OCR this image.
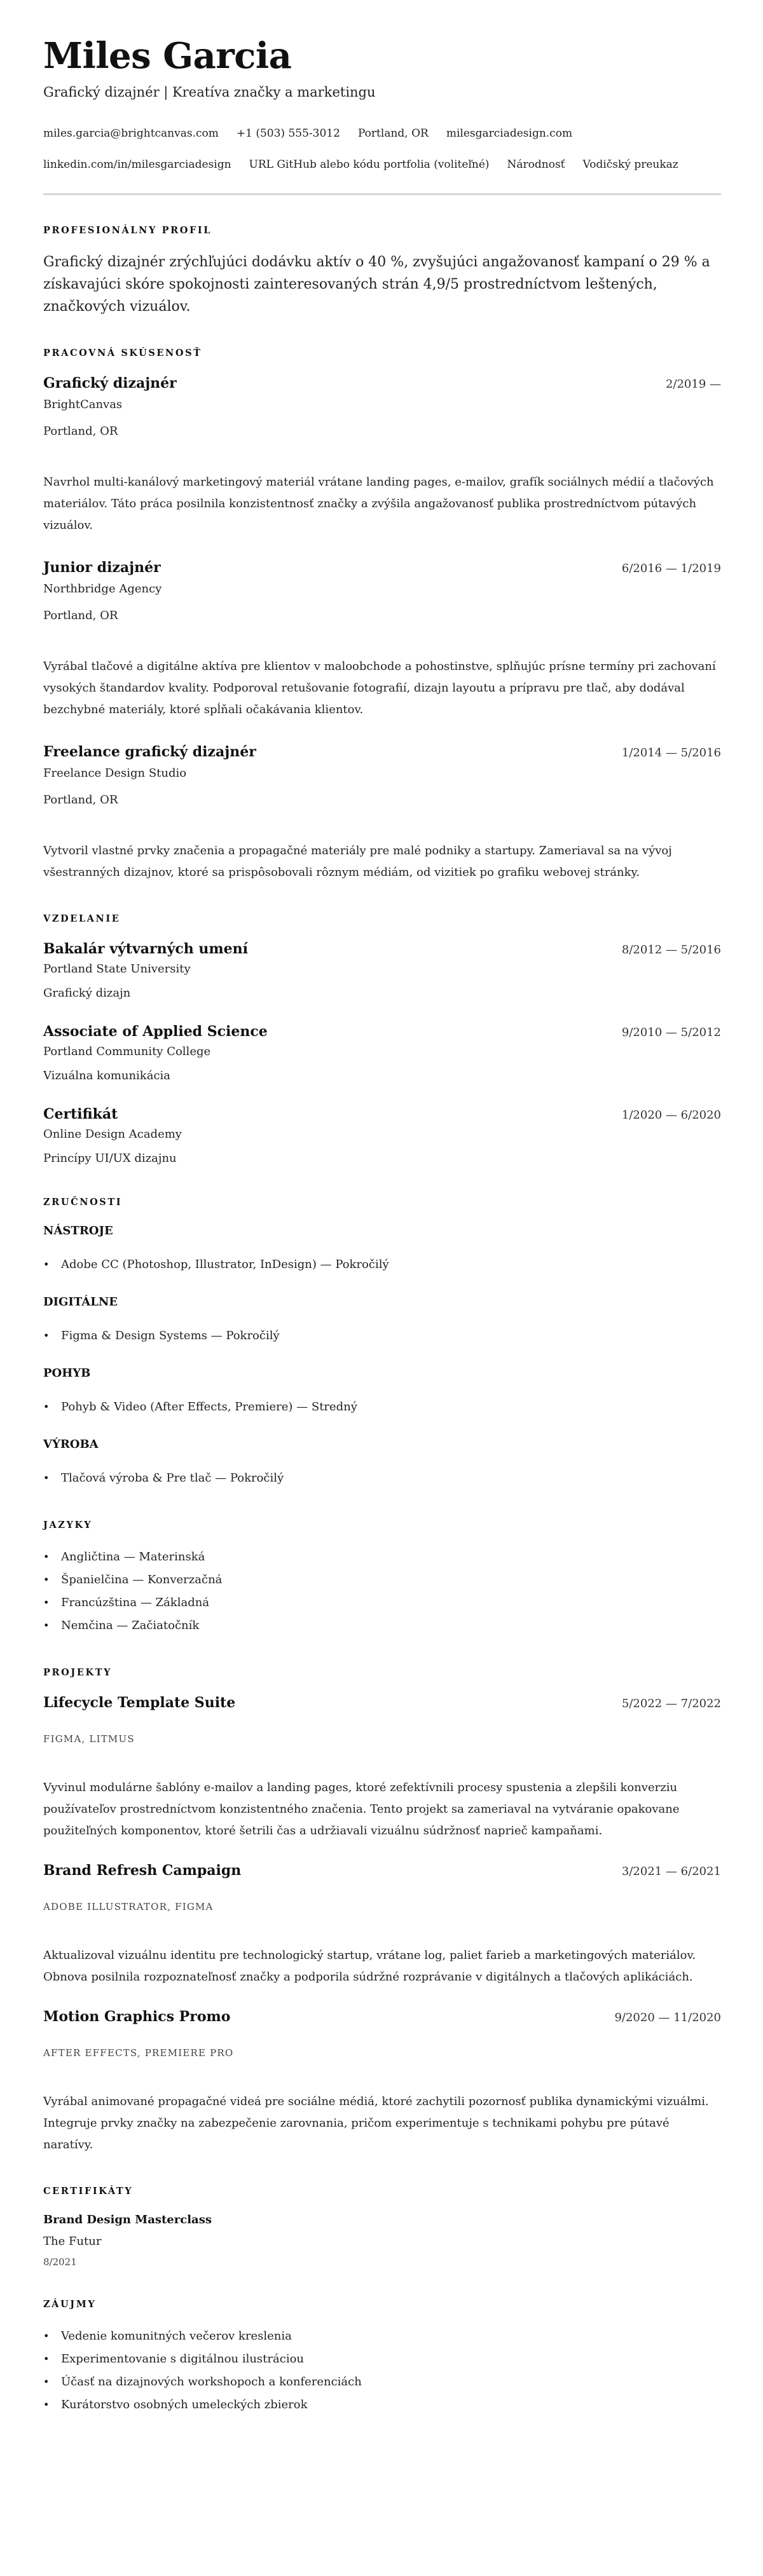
Miles Garcia
Grafický dizajnér | Kreatíva značky a marketingu
miles.garcia@brightcanvas.com +1 (503) 555-3012 Portland, OR milesgarciadesign.com
linkedin.com/in/milesgarciadesign URL GitHub alebo kódu portfolia (voliteľné) Národnosť Vodičský preukaz
PROFESIONÁLNY PROFIL

Grafický dizajnér zrýchľujúci dodávku aktív o 40 %, zvyšujúci angažovanosť kampaní o 29 % a získavajúci skóre spokojnosti zainteresovaných strán 4,9/5 prostredníctvom leštených, značkových vizuálov.

PRACOVNÁ SKÚSENOSŤ
Grafický dizajnér	2/2019 —
BrightCanvas
Portland, OR

Navrhol multi-kanálový marketingový materiál vrátane landing pages, e-mailov, grafík sociálnych médií a tlačových materiálov. Táto práca posilnila konzistentnosť značky a zvýšila angažovanosť publika prostredníctvom pútavých vizuálov.

Junior dizajnér	6/2016 — 1/2019
Northbridge Agency
Portland, OR

Vyrábal tlačové a digitálne aktíva pre klientov v maloobchode a pohostinstve, splňujúc prísne termíny pri zachovaní vysokých štandardov kvality. Podporoval retušovanie fotografií, dizajn layoutu a prípravu pre tlač, aby dodával bezchybné materiály, ktoré spĺňali očakávania klientov.

Freelance grafický dizajnér	1/2014 — 5/2016
Freelance Design Studio
Portland, OR

Vytvoril vlastné prvky značenia a propagačné materiály pre malé podniky a startupy. Zameriaval sa na vývoj všestranných dizajnov, ktoré sa prispôsobovali rôznym médiám, od vizitiek po grafiku webovej stránky.

VZDELANIE
Bakalár výtvarných umení	8/2012 — 5/2016
Portland State University
Grafický dizajn
Associate of Applied Science	9/2010 — 5/2012
Portland Community College
Vizuálna komunikácia
Certifikát	1/2020 — 6/2020
Online Design Academy
Princípy UI/UX dizajnu
ZRUČNOSTI
NÁSTROJE
• Adobe CC (Photoshop, Illustrator, InDesign) — Pokročilý
DIGITÁLNE
• Figma & Design Systems — Pokročilý
POHYB
• Pohyb & Video (After Effects, Premiere) — Stredný
VÝROBA
• Tlačová výroba & Pre tlač — Pokročilý
JAZYKY
• Angličtina — Materinská
• Španielčina — Konverzačná
• Francúzština — Základná
• Nemčina — Začiatočník
PROJEKTY
Lifecycle Template Suite	5/2022 — 7/2022
FIGMA, LITMUS

Vyvinul modulárne šablóny e-mailov a landing pages, ktoré zefektívnili procesy spustenia a zlepšili konverziu používateľov prostredníctvom konzistentného značenia. Tento projekt sa zameriaval na vytváranie opakovane použiteľných komponentov, ktoré šetrili čas a udržiavali vizuálnu súdržnosť naprieč kampaňami.

Brand Refresh Campaign	3/2021 — 6/2021
ADOBE ILLUSTRATOR, FIGMA

Aktualizoval vizuálnu identitu pre technologický startup, vrátane log, paliet farieb a marketingových materiálov. Obnova posilnila rozpoznateľnosť značky a podporila súdržné rozprávanie v digitálnych a tlačových aplikáciách.

Motion Graphics Promo	9/2020 — 11/2020
AFTER EFFECTS, PREMIERE PRO

Vyrábal animované propagačné videá pre sociálne médiá, ktoré zachytili pozornosť publika dynamickými vizuálmi. Integruje prvky značky na zabezpečenie zarovnania, pričom experimentuje s technikami pohybu pre pútavé naratívy.

CERTIFIKÁTY
Brand Design Masterclass
The Futur
8/2021
ZÁUJMY
• Vedenie komunitných večerov kreslenia
• Experimentovanie s digitálnou ilustráciou
• Účasť na dizajnových workshopoch a konferenciách
• Kurátorstvo osobných umeleckých zbierok
